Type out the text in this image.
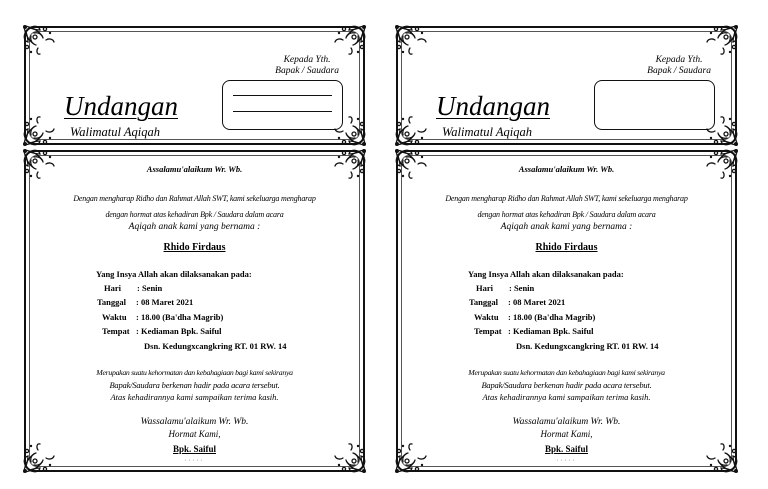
Kepada Yth.
Bapak / Saudara
Undangan
Walimatul Aqiqah
Assalamu'alaikum Wr. Wb.
Dengan mengharap Ridho dan Rahmat Allah SWT, kami sekeluarga mengharap
dengan hormat atas kehadiran Bpk / Saudara dalam acara
Aqiqah anak kami yang bernama :
Rhido Firdaus
Yang Insya Allah akan dilaksanakan pada:
Hari : Senin
Tanggal : 08 Maret 2021
Waktu : 18.00 (Ba'dha Magrib)
Tempat : Kediaman Bpk. Saiful
Dsn. Kedungxcangkring RT. 01 RW. 14
Merupakan suatu kehormatan dan kebahagiaan bagi kami sekiranya
Bapak/Saudara berkenan hadir pada acara tersebut.
Atas kehadirannya kami sampaikan terima kasih.
Wassalamu'alaikum Wr. Wb.
Hormat Kami,
Bpk. Saiful
·····
Kepada Yth.
Bapak / Saudara
Undangan
Walimatul Aqiqah
Assalamu'alaikum Wr. Wb.
Dengan mengharap Ridho dan Rahmat Allah SWT, kami sekeluarga mengharap
dengan hormat atas kehadiran Bpk / Saudara dalam acara
Aqiqah anak kami yang bernama :
Rhido Firdaus
Yang Insya Allah akan dilaksanakan pada:
Hari : Senin
Tanggal : 08 Maret 2021
Waktu : 18.00 (Ba'dha Magrib)
Tempat : Kediaman Bpk. Saiful
Dsn. Kedungxcangkring RT. 01 RW. 14
Merupakan suatu kehormatan dan kebahagiaan bagi kami sekiranya
Bapak/Saudara berkenan hadir pada acara tersebut.
Atas kehadirannya kami sampaikan terima kasih.
Wassalamu'alaikum Wr. Wb.
Hormat Kami,
Bpk. Saiful
·····
